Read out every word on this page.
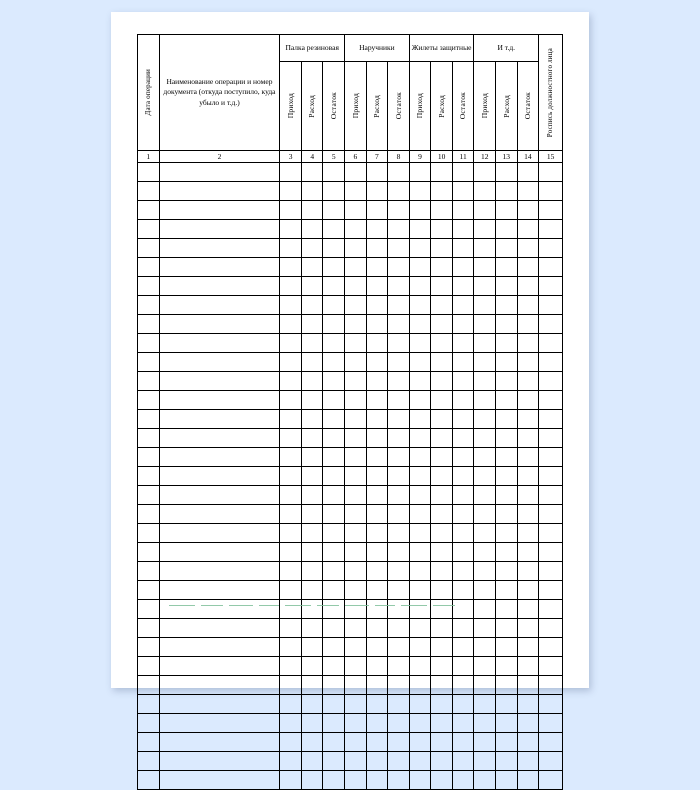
Дата операции	Наименование операции и номер документа (откуда поступило, куда убыло и т.д.)	Палка резиновая			Наручники			Жилеты защитные			И т.д.			Роспись должностного лица

		Приход	Расход	Остаток	Приход	Расход	Остаток	Приход	Расход	Остаток	Приход	Расход	Остаток	

1	2	3	4	5	6	7	8	9	10	11	12	13	14	15
